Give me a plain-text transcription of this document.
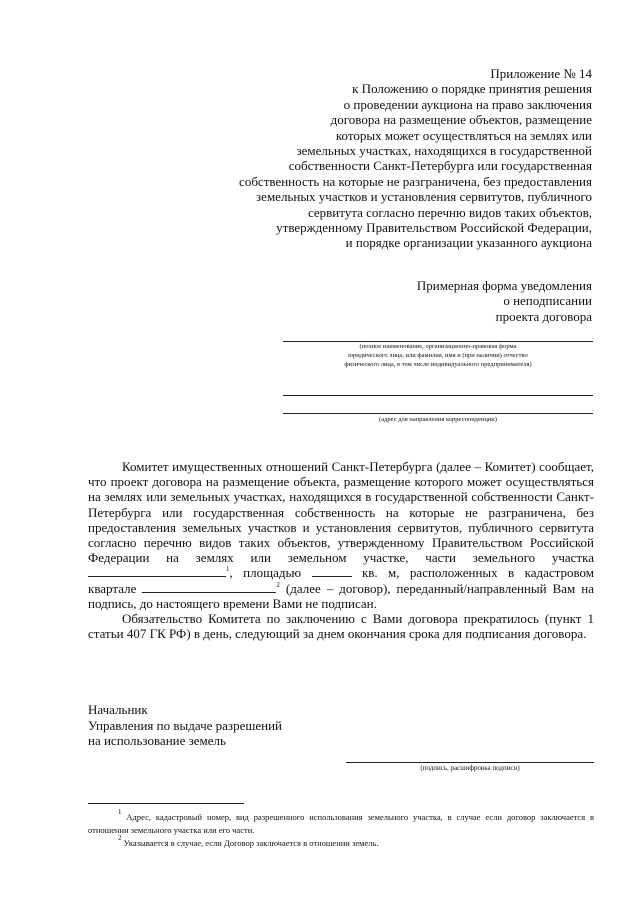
Приложение № 14
к Положению о порядке принятия решения
о проведении аукциона на право заключения
договора на размещение объектов, размещение
которых может осуществляться на землях или
земельных участках, находящихся в государственной
собственности Санкт-Петербурга или государственная
собственность на которые не разграничена, без предоставления
земельных участков и установления сервитутов, публичного
сервитута согласно перечню видов таких объектов,
утвержденному Правительством Российской Федерации,
и порядке организации указанного аукциона
Примерная форма уведомления
о неподписании
проекта договора
(полное наименование, организационно-правовая форма
юридического лица, или фамилия, имя и (при наличии) отчество
физического лица, в том числе индивидуального предпринимателя)
(адрес для направления корреспонденции)

Комитет имущественных отношений Санкт-Петербурга (далее – Комитет) сообщает, что проект договора на размещение объекта, размещение которого может осуществляться на землях или земельных участках, находящихся в государственной собственности Санкт-Петербурга или государственная собственность на которые не разграничена, без предоставления земельных участков и установления сервитутов, публичного сервитута согласно перечню видов таких объектов, утвержденному Правительством Российской Федерации на землях или земельном участке, части земельного участка $^1$, площадью	кв. м, расположенных в кадастровом квартале	$^2$ (далее – договор), переданный/направленный Вам на подпись, до настоящего времени Вами не подписан.

Обязательство Комитета по заключению с Вами договора прекратилось (пункт 1 статьи 407 ГК РФ) в день, следующий за днем окончания срока для подписания договора.

Начальник
Управления по выдаче разрешений
на использование земель
(подпись, расшифровка подписи)
$^1$ Адрес, кадастровый номер, вид разрешенного использования земельного участка, в случае если договор заключается в отношении земельного участка или его части.
$^2$ Указывается в случае, если Договор заключается в отношении земель.
